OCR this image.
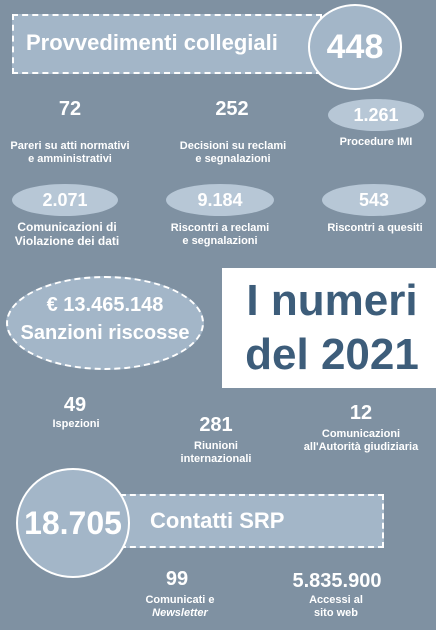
Provvedimenti collegiali	448
72
Pareri su atti normativi
e amministrativi
252
Decisioni su reclami
e segnalazioni
1.261
Procedure IMI
2.071
Comunicazioni di
Violazione dei dati
9.184
Riscontri a reclami
e segnalazioni
543
Riscontri a quesiti
€ 13.465.148
Sanzioni riscosse
I numeri
del 2021
49
Ispezioni	281
Riunioni
internazionali
12
Comunicazioni
all'Autorità giudiziaria
Contatti SRP
18.705
99
Comunicati e
Newsletter
5.835.900
Accessi al
sito web
